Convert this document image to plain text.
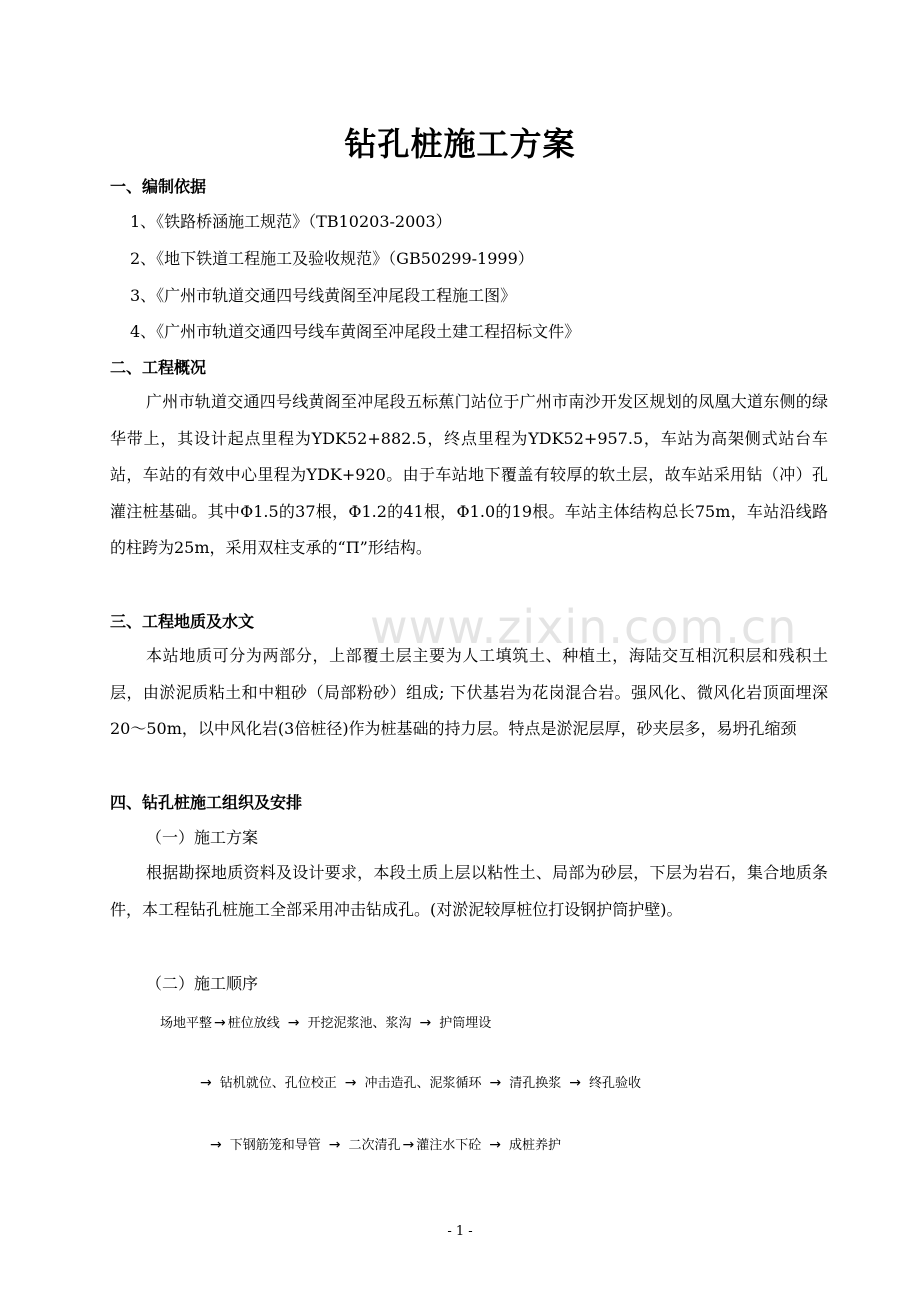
www.zixin.com.cn
钻孔桩施工方案
一、编制依据
1、《铁路桥涵施工规范》（TB10203-2003）
2、《地下铁道工程施工及验收规范》（GB50299-1999）
3、《广州市轨道交通四号线黄阁至冲尾段工程施工图》
4、《广州市轨道交通四号线车黄阁至冲尾段土建工程招标文件》
二、工程概况
广州市轨道交通四号线黄阁至冲尾段五标蕉门站位于广州市南沙开发区规划的凤凰大道东侧的绿华带上，其设计起点里程为YDK52+882.5，终点里程为YDK52+957.5，车站为高架侧式站台车站，车站的有效中心里程为YDK+920。由于车站地下覆盖有较厚的软土层，故车站采用钻（冲）孔灌注桩基础。其中Φ1.5的37根，Φ1.2的41根，Φ1.0的19根。车站主体结构总长75m，车站沿线路的柱跨为25m，采用双柱支承的“П”形结构。
三、工程地质及水文
本站地质可分为两部分，上部覆土层主要为人工填筑土、种植土，海陆交互相沉积层和残积土层，由淤泥质粘土和中粗砂（局部粉砂）组成; 下伏基岩为花岗混合岩。强风化、微风化岩顶面埋深20～50m，以中风化岩(3倍桩径)作为桩基础的持力层。特点是淤泥层厚，砂夹层多，易坍孔缩颈
四、钻孔桩施工组织及安排
（一）施工方案
根据勘探地质资料及设计要求，本段土质上层以粘性土、局部为砂层，下层为岩石，集合地质条件，本工程钻孔桩施工全部采用冲击钻成孔。(对淤泥较厚桩位打设钢护筒护壁)。
（二）施工顺序
场地平整 → 桩位放线 → 开挖泥浆池、浆沟 → 护筒埋设
→ 钻机就位、孔位校正 → 冲击造孔、泥浆循环 → 清孔换浆 → 终孔验收
→ 下钢筋笼和导管 → 二次清孔 → 灌注水下砼 → 成桩养护
- 1 -
